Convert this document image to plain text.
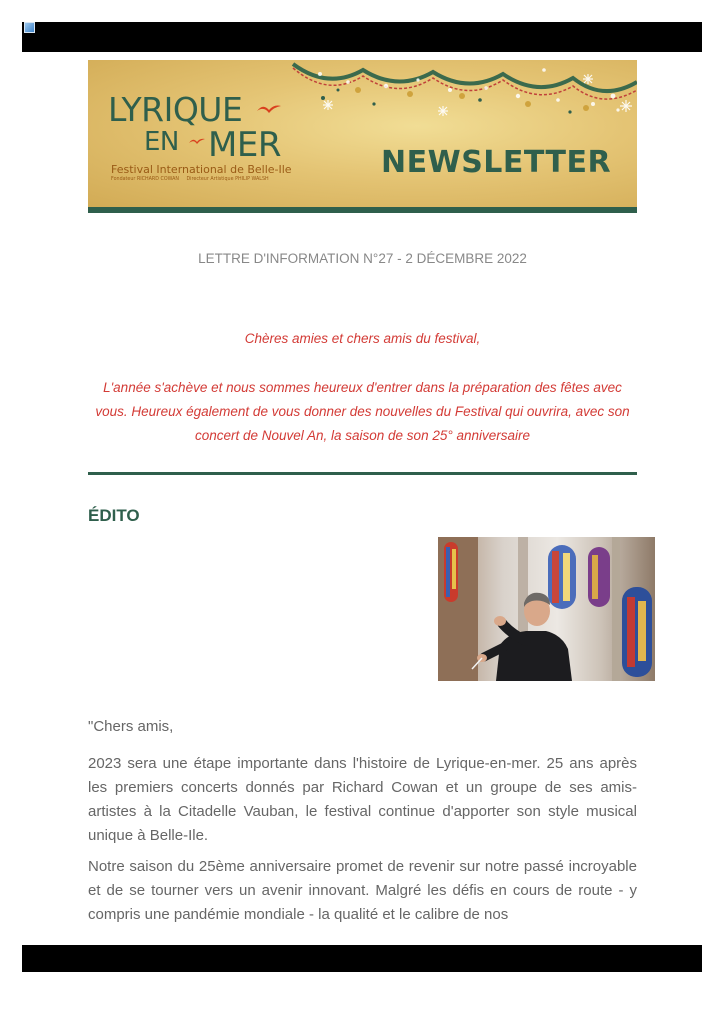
LYRIQUE
EN MER
Festival International de Belle-Ile
Fondateur RICHARD COWAN Directeur Artistique PHILIP WALSH	NEWSLETTER
LETTRE D'INFORMATION N°27 - 2 DÉCEMBRE 2022
Chères amies et chers amis du festival,
L'année s'achève et nous sommes heureux d'entrer dans la préparation des fêtes avec
vous. Heureux également de vous donner des nouvelles du Festival qui ouvrira, avec son
concert de Nouvel An, la saison de son 25° anniversaire
ÉDITO
"Chers amis,
2023 sera une étape importante dans l'histoire de Lyrique-en-mer. 25 ans après les premiers concerts donnés par Richard Cowan et un groupe de ses amis-artistes à la Citadelle Vauban, le festival continue d'apporter son style musical unique à Belle-Ile.
Notre saison du 25ème anniversaire promet de revenir sur notre passé incroyable et de se tourner vers un avenir innovant. Malgré les défis en cours de route - y compris une pandémie mondiale - la qualité et le calibre de nos
